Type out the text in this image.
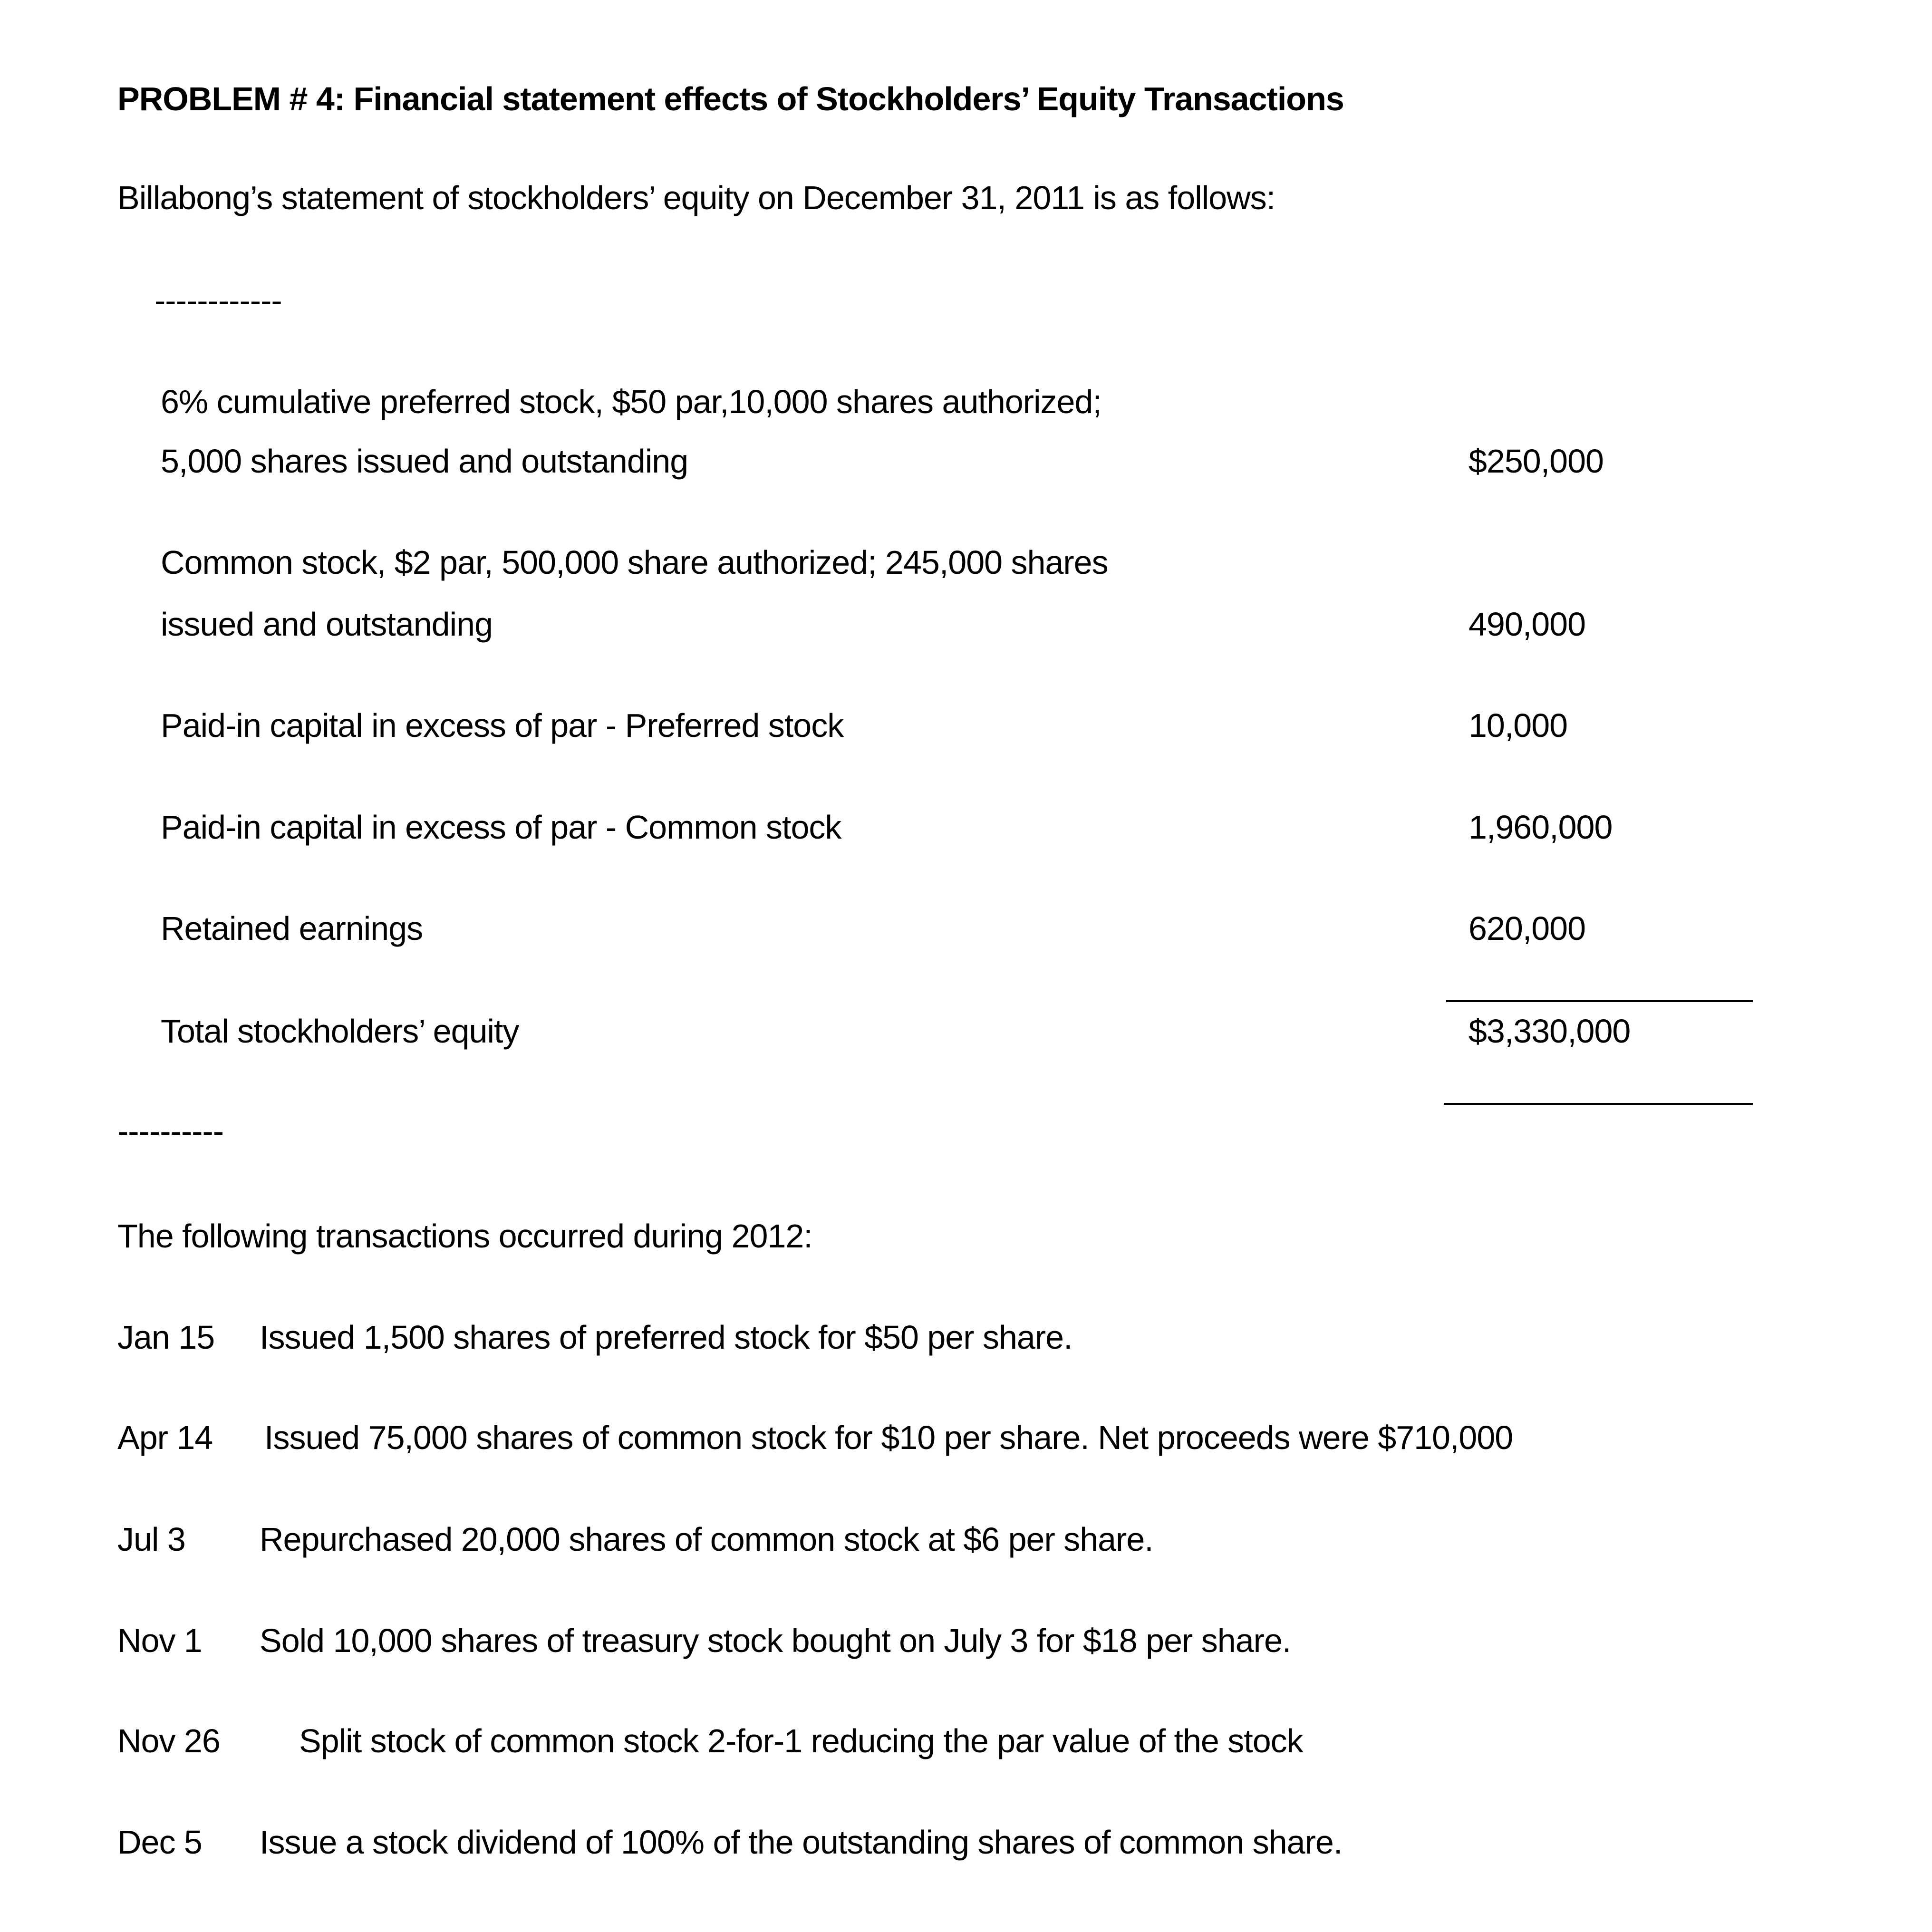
PROBLEM # 4: Financial statement effects of Stockholders’ Equity Transactions
Billabong’s statement of stockholders’ equity on December 31, 2011 is as follows:
------------
6% cumulative preferred stock, $50 par,10,000 shares authorized;
5,000 shares issued and outstanding	$250,000
Common stock, $2 par, 500,000 share authorized; 245,000 shares
issued and outstanding	490,000
Paid-in capital in excess of par - Preferred stock	10,000
Paid-in capital in excess of par - Common stock	1,960,000
Retained earnings	620,000
Total stockholders’ equity	$3,330,000
----------
The following transactions occurred during 2012:
Jan 15 Issued 1,500 shares of preferred stock for $50 per share.
Apr 14 Issued 75,000 shares of common stock for $10 per share. Net proceeds were $710,000
Jul 3 Repurchased 20,000 shares of common stock at $6 per share.
Nov 1 Sold 10,000 shares of treasury stock bought on July 3 for $18 per share.
Nov 26 Split stock of common stock 2-for-1 reducing the par value of the stock
Dec 5 Issue a stock dividend of 100% of the outstanding shares of common share.
